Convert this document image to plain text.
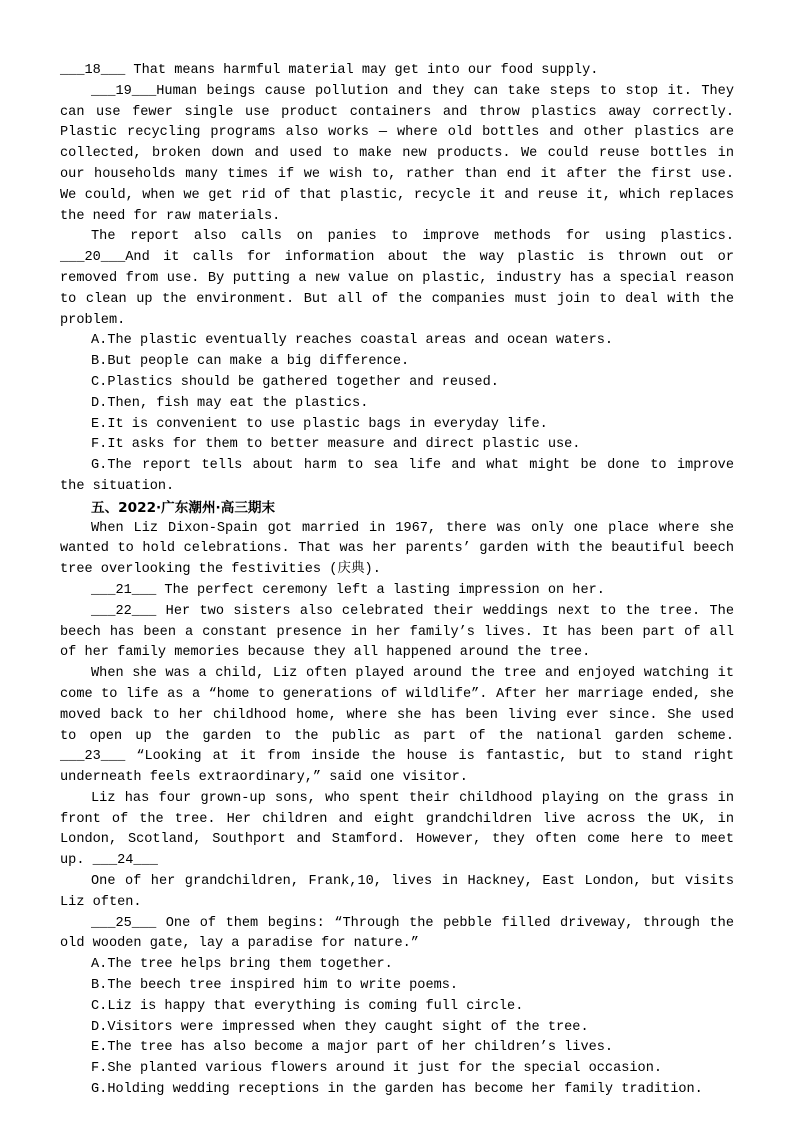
___18___ That means harmful material may get into our food supply.

___19___Human beings cause pollution and they can take steps to stop it. They can use fewer single use product containers and throw plastics away correctly. Plastic recycling programs also works — where old bottles and other plastics are collected, broken down and used to make new products. We could reuse bottles in our households many times if we wish to, rather than end it after the first use. We could, when we get rid of that plastic, recycle it and reuse it, which replaces the need for raw materials.

The report also calls on panies to improve methods for using plastics. ___20___And it calls for information about the way plastic is thrown out or removed from use. By putting a new value on plastic, industry has a special reason to clean up the environment. But all of the companies must join to deal with the problem.

A.The plastic eventually reaches coastal areas and ocean waters.

B.But people can make a big difference.

C.Plastics should be gathered together and reused.

D.Then, fish may eat the plastics.

E.It is convenient to use plastic bags in everyday life.

F.It asks for them to better measure and direct plastic use.

G.The report tells about harm to sea life and what might be done to improve the situation.

五、2022·广东潮州·高三期末

When Liz Dixon-Spain got married in 1967, there was only one place where she wanted to hold celebrations. That was her parents’ garden with the beautiful beech tree overlooking the festivities (庆典).

___21___ The perfect ceremony left a lasting impression on her.

___22___ Her two sisters also celebrated their weddings next to the tree. The beech has been a constant presence in her family’s lives. It has been part of all of her family memories because they all happened around the tree.

When she was a child, Liz often played around the tree and enjoyed watching it come to life as a “home to generations of wildlife”. After her marriage ended, she moved back to her childhood home, where she has been living ever since. She used to open up the garden to the public as part of the national garden scheme. ___23___ “Looking at it from inside the house is fantastic, but to stand right underneath feels extraordinary,” said one visitor.

Liz has four grown-up sons, who spent their childhood playing on the grass in front of the tree. Her children and eight grandchildren live across the UK, in London, Scotland, Southport and Stamford. However, they often come here to meet up. ___24___

One of her grandchildren, Frank,10, lives in Hackney, East London, but visits Liz often.

___25___ One of them begins: “Through the pebble filled driveway, through the old wooden gate, lay a paradise for nature.”

A.The tree helps bring them together.

B.The beech tree inspired him to write poems.

C.Liz is happy that everything is coming full circle.

D.Visitors were impressed when they caught sight of the tree.

E.The tree has also become a major part of her children’s lives.

F.She planted various flowers around it just for the special occasion.

G.Holding wedding receptions in the garden has become her family tradition.
